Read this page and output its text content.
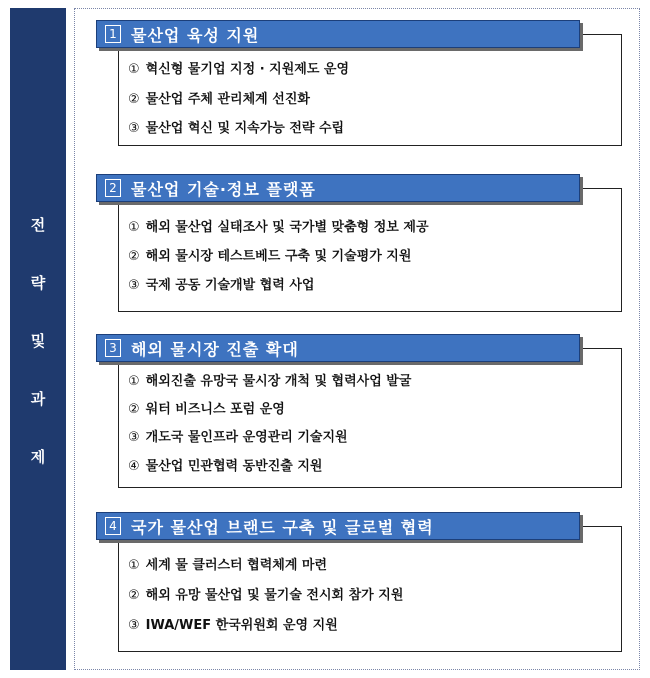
전
략
및
과
제
1 물산업 육성 지원
① 혁신형 물기업 지정 · 지원제도 운영
② 물산업 주체 관리체계 선진화
③ 물산업 혁신 및 지속가능 전략 수립
2 물산업 기술·정보 플랫폼
① 해외 물산업 실태조사 및 국가별 맞춤형 정보 제공
② 해외 물시장 테스트베드 구축 및 기술평가 지원
③ 국제 공동 기술개발 협력 사업
3 해외 물시장 진출 확대
① 해외진출 유망국 물시장 개척 및 협력사업 발굴
② 워터 비즈니스 포럼 운영
③ 개도국 물인프라 운영관리 기술지원
④ 물산업 민관협력 동반진출 지원
4 국가 물산업 브랜드 구축 및 글로벌 협력
① 세계 물 클러스터 협력체계 마련
② 해외 유망 물산업 및 물기술 전시회 참가 지원
③ IWA/WEF 한국위원회 운영 지원
